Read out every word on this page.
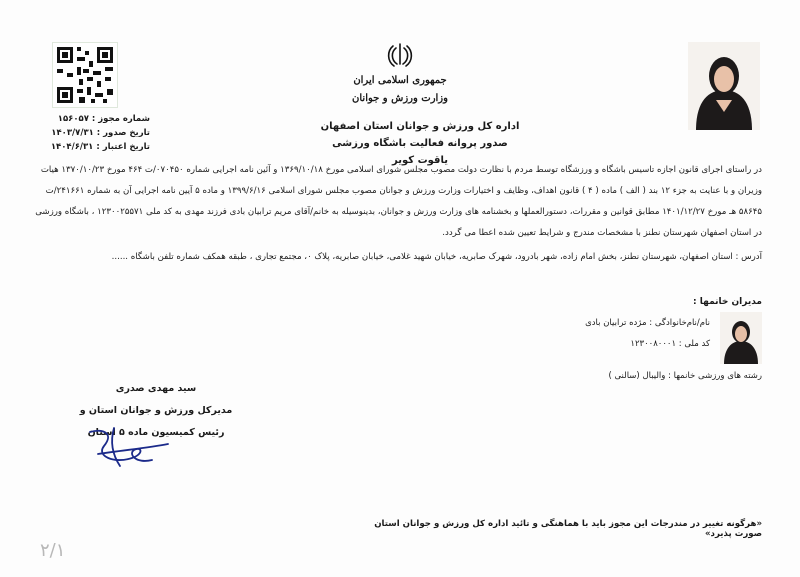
شماره مجوز : ۱۵۶۰۵۷
تاریخ صدور : ۱۴۰۳/۷/۳۱
تاریخ اعتبار : ۱۴۰۴/۶/۳۱
جمهوری اسلامی ایران
وزارت ورزش و جوانان
اداره کل ورزش و جوانان استان اصفهان
صدور پروانه فعالیت باشگاه ورزشی یاقوت کویر

در راستای اجرای قانون اجازه تاسیس باشگاه و ورزشگاه توسط مردم با نظارت دولت مصوب مجلس شورای اسلامی مورخ ۱۳۶۹/۱۰/۱۸ و آئین نامه اجرایی شماره ۰۷۰۴۵۰/ت ۴۶۴ مورخ ۱۳۷۰/۱۰/۲۳ هیات

وزیران و با عنایت به جزء ۱۲ بند ( الف ) ماده ( ۴ ) قانون اهداف، وظایف و اختیارات وزارت ورزش و جوانان مصوب مجلس شورای اسلامی ۱۳۹۹/۶/۱۶ و ماده ۵ آیین نامه اجرایی آن به شماره ۲۴۱۶۶۱/ت

۵۸۶۴۵ هـ مورخ ۱۴۰۱/۱۲/۲۷ مطابق قوانین و مقررات، دستورالعملها و بخشنامه های وزارت ورزش و جوانان، بدینوسیله به خانم/آقای مریم ترابیان بادی فرزند مهدی به کد ملی ۱۲۳۰۰۲۵۵۷۱ ، باشگاه ورزشی

در استان اصفهان شهرستان نطنز با مشخصات مندرج و شرایط تعیین شده اعطا می گردد.

آدرس : استان اصفهان، شهرستان نطنز، بخش امام زاده، شهر بادرود، شهرک صابریه، خیابان شهید غلامی، خیابان صابریه، پلاک ۰، مجتمع تجاری ، طبقه همکف شماره تلفن باشگاه ......
مدیران خانمها :
نام/نام‌خانوادگی : مژده ترابیان بادی
کد ملی : ۱۲۳۰۰۸۰۰۰۱
رشته های ورزشی خانمها : والیبال (سالنی )
سید مهدی صدری
مدیرکل ورزش و جوانان استان و
رئیس کمیسیون ماده ۵ استان
«هرگونه تغییر در مندرجات این مجوز باید با هماهنگی و تائید اداره کل ورزش و جوانان استان صورت پذیرد»
۲/۱
